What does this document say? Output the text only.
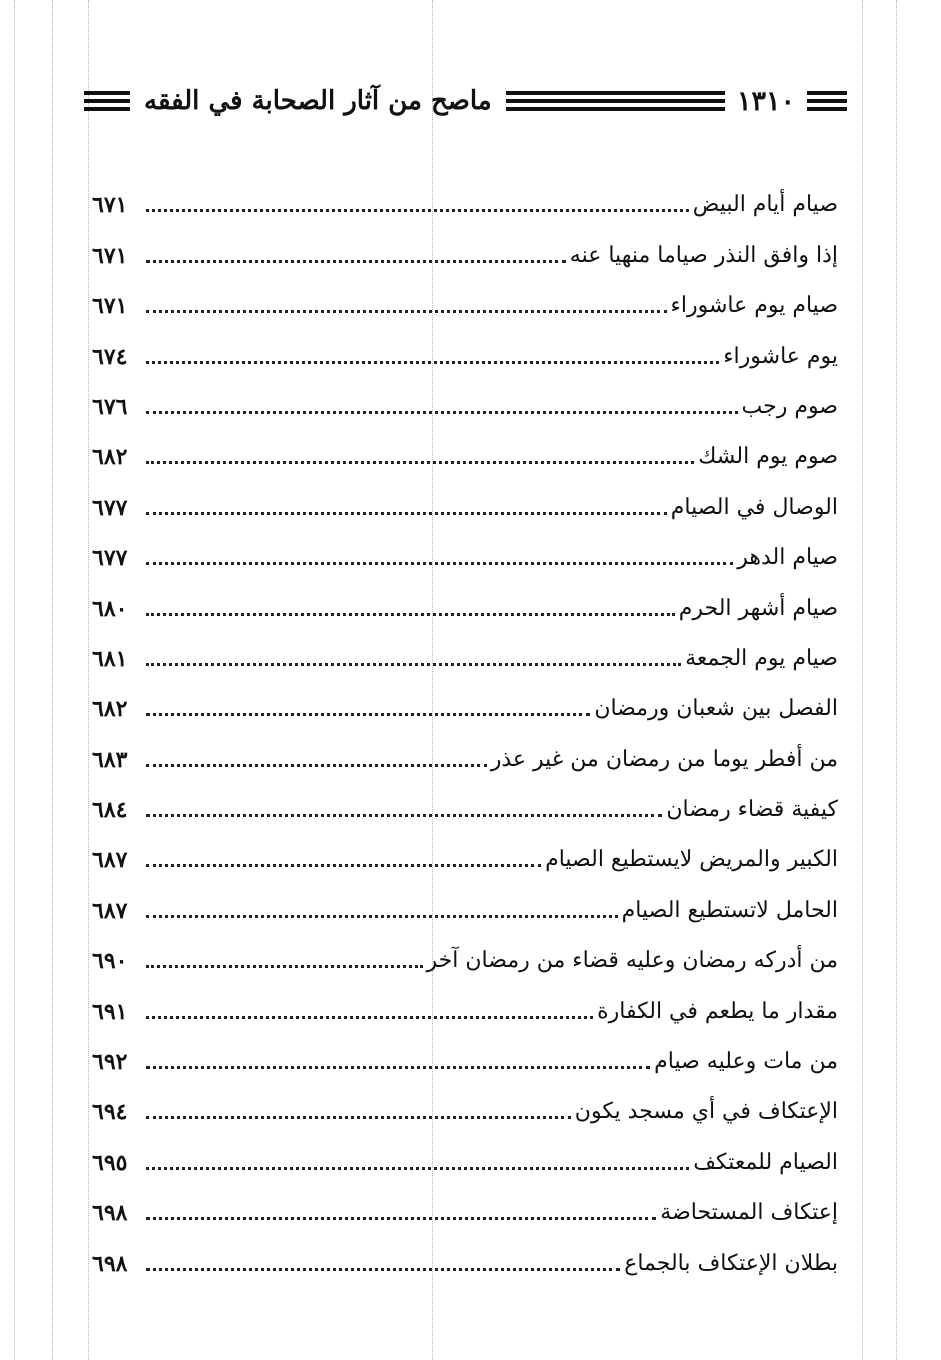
١٣١٠
ماصح من آثار الصحابة في الفقه
صيام أيام البيض
٦٧١
إذا وافق النذر صياما منهيا عنه
٦٧١
صيام يوم عاشوراء
٦٧١
يوم عاشوراء
٦٧٤
صوم رجب
٦٧٦
صوم يوم الشك
٦٨٢
الوصال في الصيام
٦٧٧
صيام الدهر
٦٧٧
صيام أشهر الحرم
٦٨٠
صيام يوم الجمعة
٦٨١
الفصل بين شعبان ورمضان
٦٨٢
من أفطر يوما من رمضان من غير عذر
٦٨٣
كيفية قضاء رمضان
٦٨٤
الكبير والمريض لايستطيع الصيام
٦٨٧
الحامل لاتستطيع الصيام
٦٨٧
من أدركه رمضان وعليه قضاء من رمضان آخر
٦٩٠
مقدار ما يطعم في الكفارة
٦٩١
من مات وعليه صيام
٦٩٢
الإعتكاف في أي مسجد يكون
٦٩٤
الصيام للمعتكف
٦٩٥
إعتكاف المستحاضة
٦٩٨
بطلان الإعتكاف بالجماع
٦٩٨
